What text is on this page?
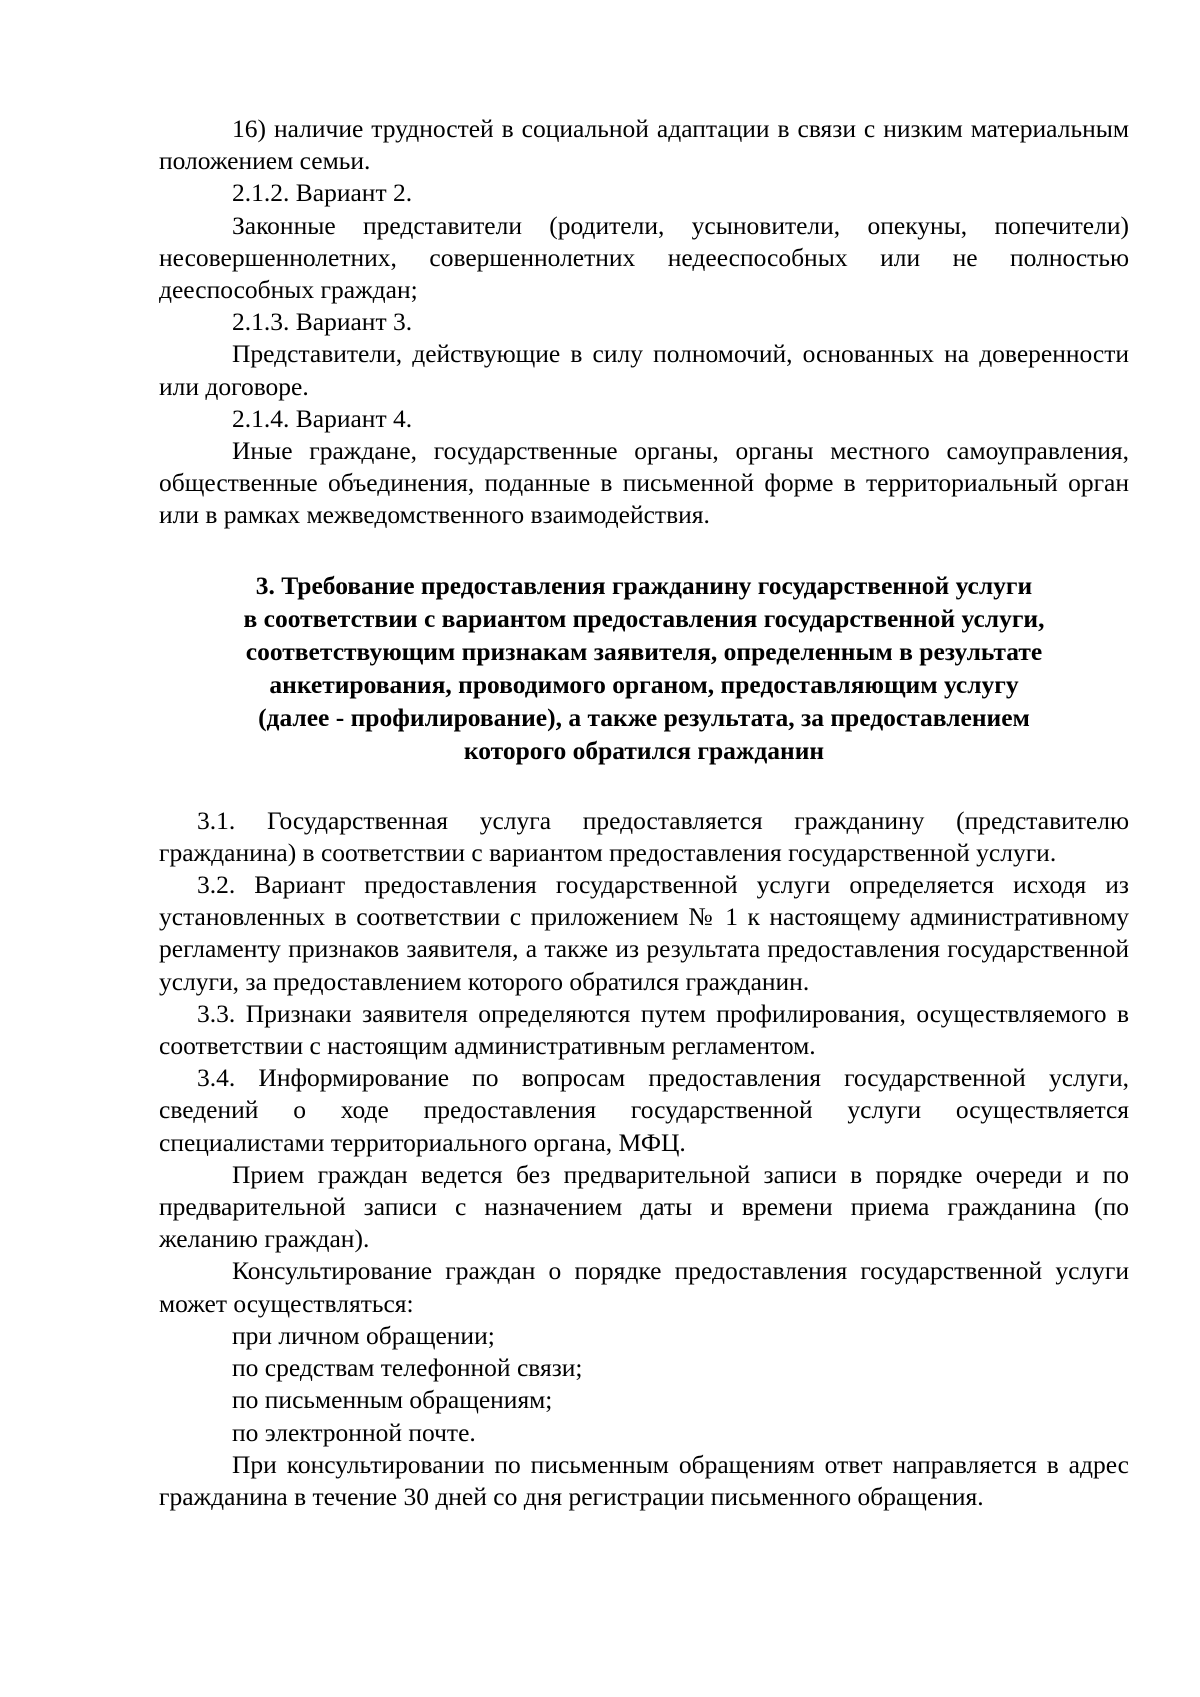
16) наличие трудностей в социальной адаптации в связи с низким материальным положением семьи.

2.1.2. Вариант 2.

Законные представители (родители, усыновители, опекуны, попечители) несовершеннолетних, совершеннолетних недееспособных или не полностью дееспособных граждан;

2.1.3. Вариант 3.

Представители, действующие в силу полномочий, основанных на доверенности или договоре.

2.1.4. Вариант 4.

Иные граждане, государственные органы, органы местного самоуправления, общественные объединения, поданные в письменной форме в территориальный орган или в рамках межведомственного взаимодействия.

3. Требование предоставления гражданину государственной услуги
в соответствии с вариантом предоставления государственной услуги,
соответствующим признакам заявителя, определенным в результате
анкетирования, проводимого органом, предоставляющим услугу
(далее - профилирование), а также результата, за предоставлением
которого обратился гражданин

3.1. Государственная услуга предоставляется гражданину (представителю гражданина) в соответствии с вариантом предоставления государственной услуги.

3.2. Вариант предоставления государственной услуги определяется исходя из установленных в соответствии с приложением № 1 к настоящему административному регламенту признаков заявителя, а также из результата предоставления государственной услуги, за предоставлением которого обратился гражданин.

3.3. Признаки заявителя определяются путем профилирования, осуществляемого в соответствии с настоящим административным регламентом.

3.4. Информирование по вопросам предоставления государственной услуги, сведений о ходе предоставления государственной услуги осуществляется специалистами территориального органа, МФЦ.

Прием граждан ведется без предварительной записи в порядке очереди и по предварительной записи с назначением даты и времени приема гражданина (по желанию граждан).

Консультирование граждан о порядке предоставления государственной услуги может осуществляться:

при личном обращении;

по средствам телефонной связи;

по письменным обращениям;

по электронной почте.

При консультировании по письменным обращениям ответ направляется в адрес гражданина в течение 30 дней со дня регистрации письменного обращения.
